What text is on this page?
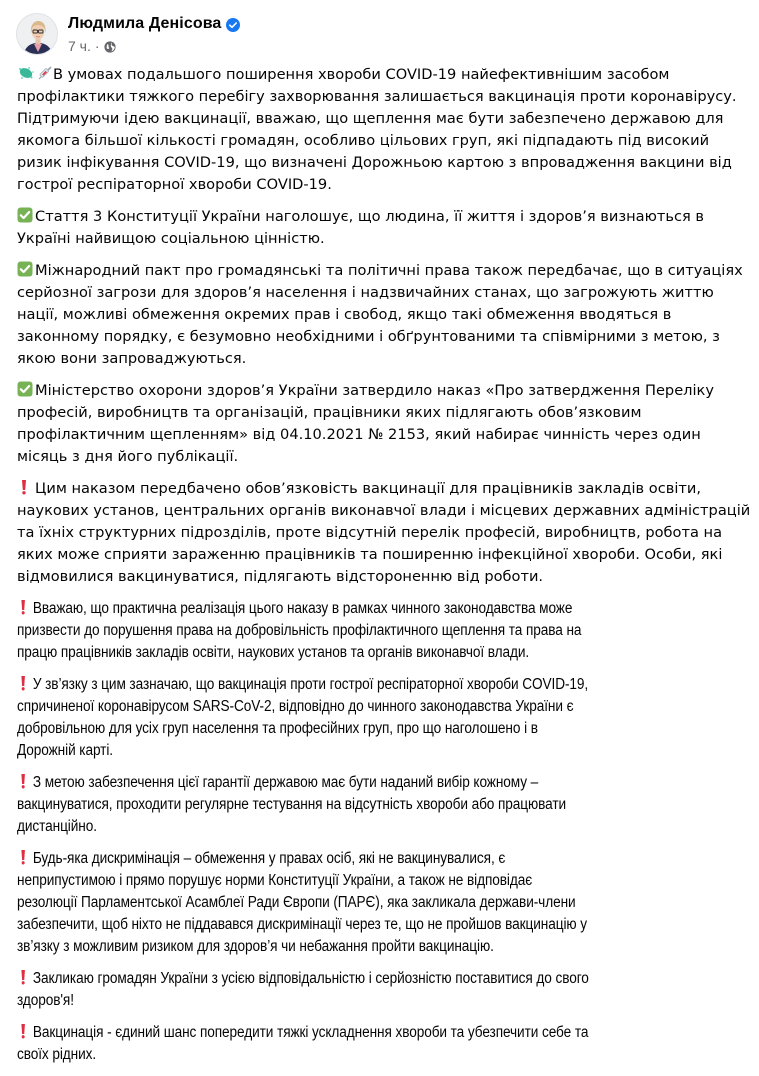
Людмила Денісова
7 ч. ·
В умовах подальшого поширення хвороби COVID-19 найефективнішим засобом
профілактики тяжкого перебігу захворювання залишається вакцинація проти коронавірусу.
Підтримуючи ідею вакцинації, вважаю, що щеплення має бути забезпечено державою для
якомога більшої кількості громадян, особливо цільових груп, які підпадають під високий
ризик інфікування COVID-19, що визначені Дорожньою картою з впровадження вакцини від
гострої респіраторної хвороби COVID-19.
Стаття 3 Конституції України наголошує, що людина, її життя і здоров’я визнаються в
Україні найвищою соціальною цінністю.
Міжнародний пакт про громадянські та політичні права також передбачає, що в ситуаціях
серйозної загрози для здоров’я населення і надзвичайних станах, що загрожують життю
нації, можливі обмеження окремих прав і свобод, якщо такі обмеження вводяться в
законному порядку, є безумовно необхідними і обґрунтованими та співмірними з метою, з
якою вони запроваджуються.
Міністерство охорони здоров’я України затвердило наказ «Про затвердження Переліку
професій, виробництв та організацій, працівники яких підлягають обов’язковим
профілактичним щепленням» від 04.10.2021 № 2153, який набирає чинність через один
місяць з дня його публікації.
Цим наказом передбачено обов’язковість вакцинації для працівників закладів освіти,
наукових установ, центральних органів виконавчої влади і місцевих державних адміністрацій
та їхніх структурних підрозділів, проте відсутній перелік професій, виробництв, робота на
яких може сприяти зараженню працівників та поширенню інфекційної хвороби. Особи, які
відмовилися вакцинуватися, підлягають відстороненню від роботи.
Вважаю, що практична реалізація цього наказу в рамках чинного законодавства може
призвести до порушення права на добровільність профілактичного щеплення та права на
працю працівників закладів освіти, наукових установ та органів виконавчої влади.
У зв’язку з цим зазначаю, що вакцинація проти гострої респіраторної хвороби COVID-19,
спричиненої коронавірусом SARS-CoV-2, відповідно до чинного законодавства України є
добровільною для усіх груп населення та професійних груп, про що наголошено і в
Дорожній карті.
З метою забезпечення цієї гарантії державою має бути наданий вибір кожному –
вакцинуватися, проходити регулярне тестування на відсутність хвороби або працювати
дистанційно.
Будь-яка дискримінація – обмеження у правах осіб, які не вакцинувалися, є
неприпустимою і прямо порушує норми Конституції України, а також не відповідає
резолюції Парламентської Асамблеї Ради Європи (ПАРЄ), яка закликала держави-члени
забезпечити, щоб ніхто не піддавався дискримінації через те, що не пройшов вакцинацію у
зв’язку з можливим ризиком для здоров’я чи небажання пройти вакцинацію.
Закликаю громадян України з усією відповідальністю і серйозністю поставитися до свого
здоров'я!
Вакцинація - єдиний шанс попередити тяжкі ускладнення хвороби та убезпечити себе та
своїх рідних.
